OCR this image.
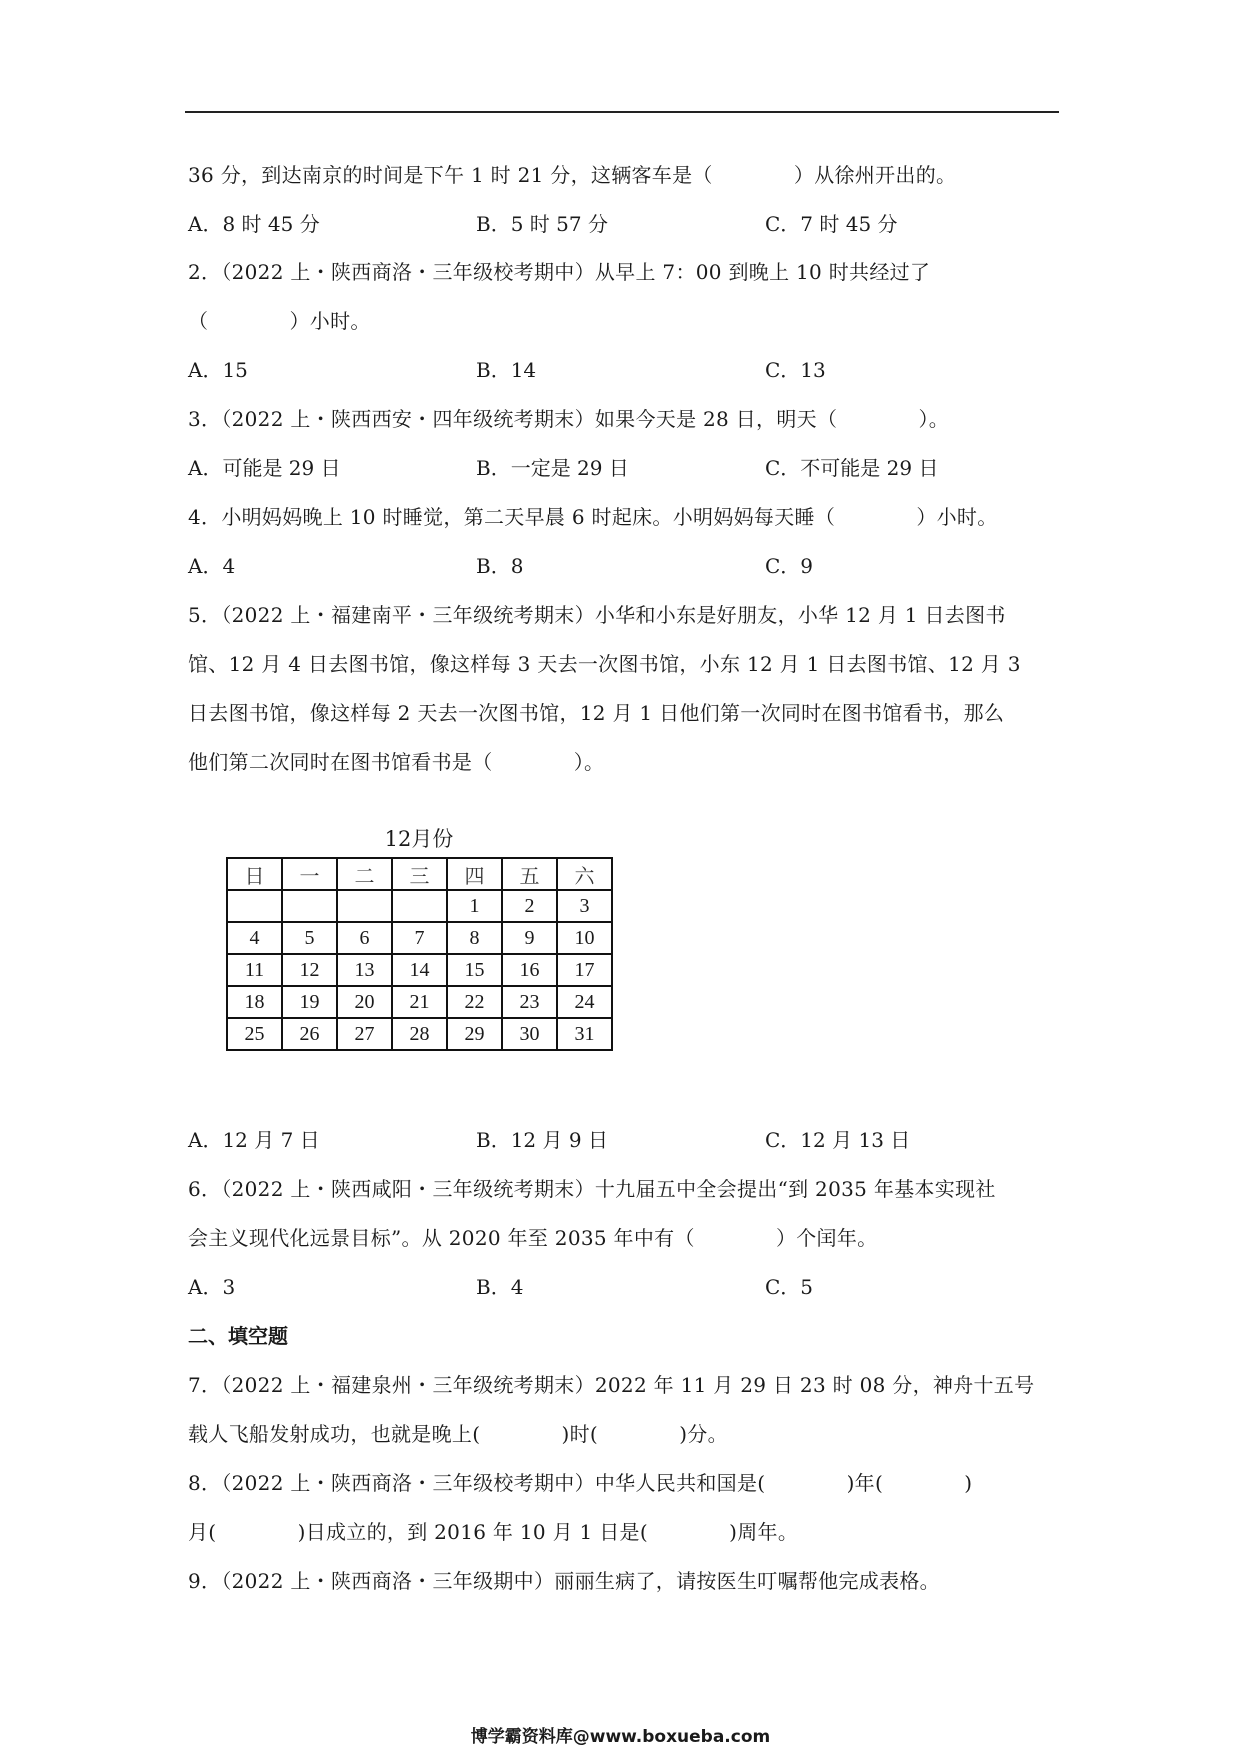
36 分，到达南京的时间是下午 1 时 21 分，这辆客车是（　　　　）从徐州开出的。
A．8 时 45 分	B．5 时 57 分	C．7 时 45 分
2．（2022 上・陕西商洛・三年级校考期中）从早上 7：00 到晚上 10 时共经过了
（　　　　）小时。
A．15	B．14	C．13
3．（2022 上・陕西西安・四年级统考期末）如果今天是 28 日，明天（　　　　）。
A．可能是 29 日	B．一定是 29 日	C．不可能是 29 日
4．小明妈妈晚上 10 时睡觉，第二天早晨 6 时起床。小明妈妈每天睡（　　　　）小时。
A．4	B．8	C．9
5．（2022 上・福建南平・三年级统考期末）小华和小东是好朋友，小华 12 月 1 日去图书
馆、12 月 4 日去图书馆，像这样每 3 天去一次图书馆，小东 12 月 1 日去图书馆、12 月 3
日去图书馆，像这样每 2 天去一次图书馆，12 月 1 日他们第一次同时在图书馆看书，那么
他们第二次同时在图书馆看书是（　　　　）。
12月份
日	一	二	三	四	五	六
				1	2	3
4	5	6	7	8	9	10
11	12	13	14	15	16	17
18	19	20	21	22	23	24
25	26	27	28	29	30	31
A．12 月 7 日	B．12 月 9 日	C．12 月 13 日
6．（2022 上・陕西咸阳・三年级统考期末）十九届五中全会提出“到 2035 年基本实现社
会主义现代化远景目标”。从 2020 年至 2035 年中有（　　　　）个闰年。
A．3	B．4	C．5
二、填空题
7．（2022 上・福建泉州・三年级统考期末）2022 年 11 月 29 日 23 时 08 分，神舟十五号
载人飞船发射成功，也就是晚上(　　　　)时(　　　　)分。
8．（2022 上・陕西商洛・三年级校考期中）中华人民共和国是(　　　　)年(　　　　)
月(　　　　)日成立的，到 2016 年 10 月 1 日是(　　　　)周年。
9．（2022 上・陕西商洛・三年级期中）丽丽生病了，请按医生叮嘱帮他完成表格。
博学霸资料库@www.boxueba.com
